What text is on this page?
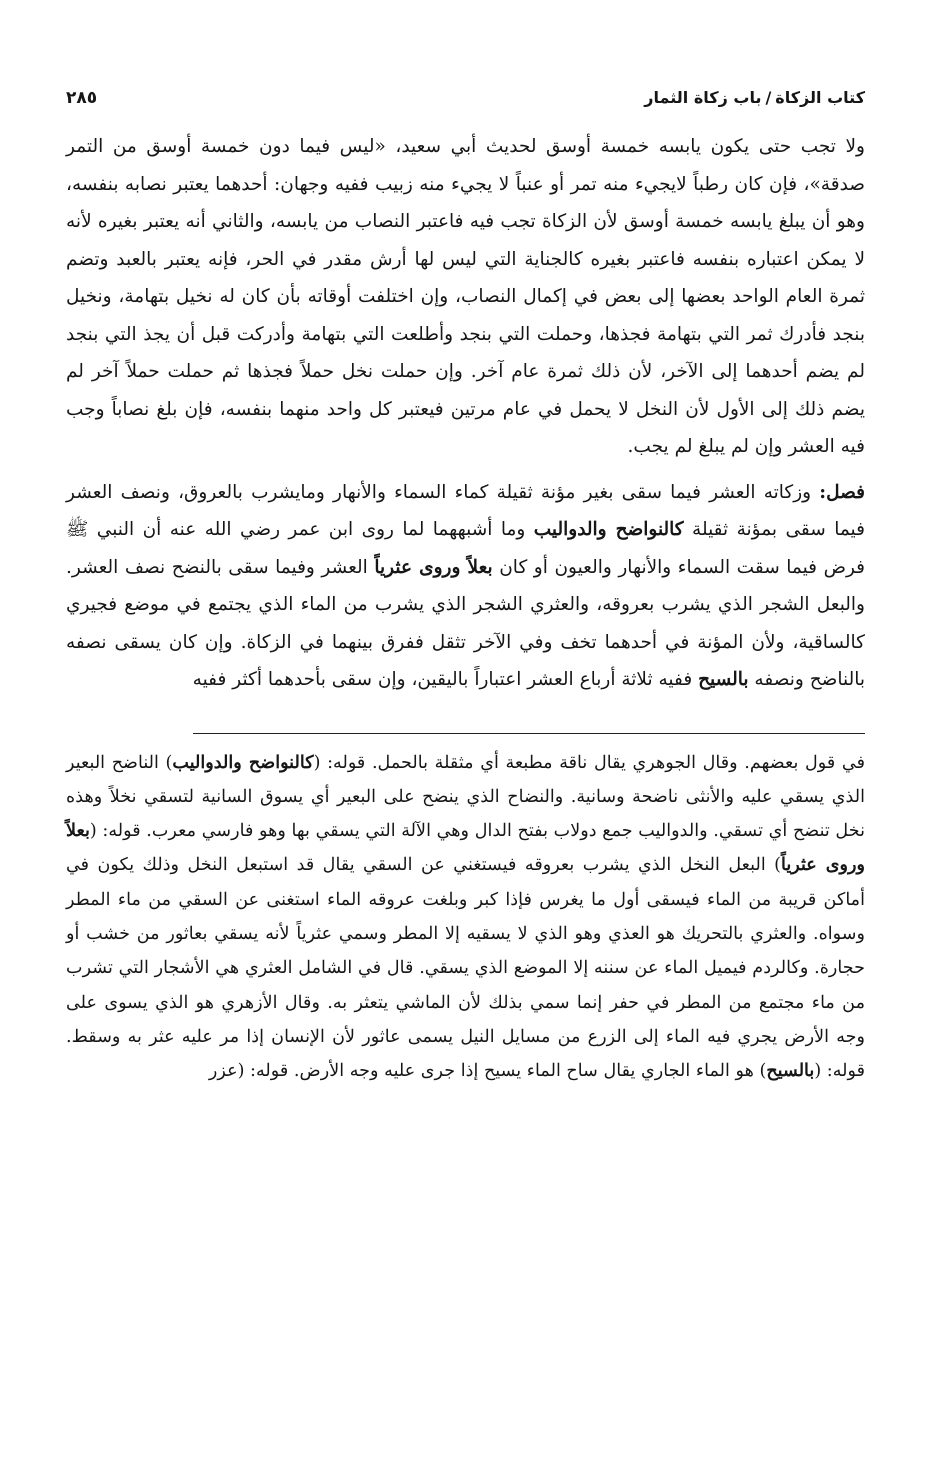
كتاب الزكاة/باب زكاة الثمار
٢٨٥

ولا تجب حتى يكون يابسه خمسة أوسق لحديث أبي سعيد، «ليس فيما دون خمسة أوسق من التمر صدقة»، فإن كان رطباً لايجيء منه تمر أو عنباً لا يجيء منه زبيب ففيه وجهان: أحدهما يعتبر نصابه بنفسه، وهو أن يبلغ يابسه خمسة أوسق لأن الزكاة تجب فيه فاعتبر النصاب من يابسه، والثاني أنه يعتبر بغيره لأنه لا يمكن اعتباره بنفسه فاعتبر بغيره كالجناية التي ليس لها أرش مقدر في الحر، فإنه يعتبر بالعبد وتضم ثمرة العام الواحد بعضها إلى بعض في إكمال النصاب، وإن اختلفت أوقاته بأن كان له نخيل بتهامة، ونخيل بنجد فأدرك ثمر التي بتهامة فجذها، وحملت التي بنجد وأطلعت التي بتهامة وأدركت قبل أن يجذ التي بنجد لم يضم أحدهما إلى الآخر، لأن ذلك ثمرة عام آخر. وإن حملت نخل حملاً فجذها ثم حملت حملاً آخر لم يضم ذلك إلى الأول لأن النخل لا يحمل في عام مرتين فيعتبر كل واحد منهما بنفسه، فإن بلغ نصاباً وجب فيه العشر وإن لم يبلغ لم يجب.

فصل: وزكاته العشر فيما سقى بغير مؤنة ثقيلة كماء السماء والأنهار ومايشرب بالعروق، ونصف العشر فيما سقى بمؤنة ثقيلة كالنواضح والدواليب وما أشبههما لما روى ابن عمر رضي الله عنه أن النبي ﷺ فرض فيما سقت السماء والأنهار والعيون أو كان بعلاً وروى عثرياً العشر وفيما سقى بالنضح نصف العشر. والبعل الشجر الذي يشرب بعروقه، والعثري الشجر الذي يشرب من الماء الذي يجتمع في موضع فجيري كالساقية، ولأن المؤنة في أحدهما تخف وفي الآخر تثقل ففرق بينهما في الزكاة. وإن كان يسقى نصفه بالناضح ونصفه بالسيح ففيه ثلاثة أرباع العشر اعتباراً باليقين، وإن سقى بأحدهما أكثر ففيه

في قول بعضهم. وقال الجوهري يقال ناقة مطبعة أي مثقلة بالحمل. قوله: (كالنواضح والدواليب) الناضح البعير الذي يسقي عليه والأنثى ناضحة وسانية. والنضاح الذي ينضح على البعير أي يسوق السانية لتسقي نخلاً وهذه نخل تنضح أي تسقي. والدواليب جمع دولاب بفتح الدال وهي الآلة التي يسقي بها وهو فارسي معرب. قوله: (بعلاً وروى عثرياً) البعل النخل الذي يشرب بعروقه فيستغني عن السقي يقال قد استبعل النخل وذلك يكون في أماكن قريبة من الماء فيسقى أول ما يغرس فإذا كبر وبلغت عروقه الماء استغنى عن السقي من ماء المطر وسواه. والعثري بالتحريك هو العذي وهو الذي لا يسقيه إلا المطر وسمي عثرياً لأنه يسقي بعاثور من خشب أو حجارة. وكالردم فيميل الماء عن سننه إلا الموضع الذي يسقي. قال في الشامل العثري هي الأشجار التي تشرب من ماء مجتمع من المطر في حفر إنما سمي بذلك لأن الماشي يتعثر به. وقال الأزهري هو الذي يسوى على وجه الأرض يجري فيه الماء إلى الزرع من مسايل النيل يسمى عاثور لأن الإنسان إذا مر عليه عثر به وسقط. قوله: (بالسيح) هو الماء الجاري يقال ساح الماء يسيح إذا جرى عليه وجه الأرض. قوله: (عزر
